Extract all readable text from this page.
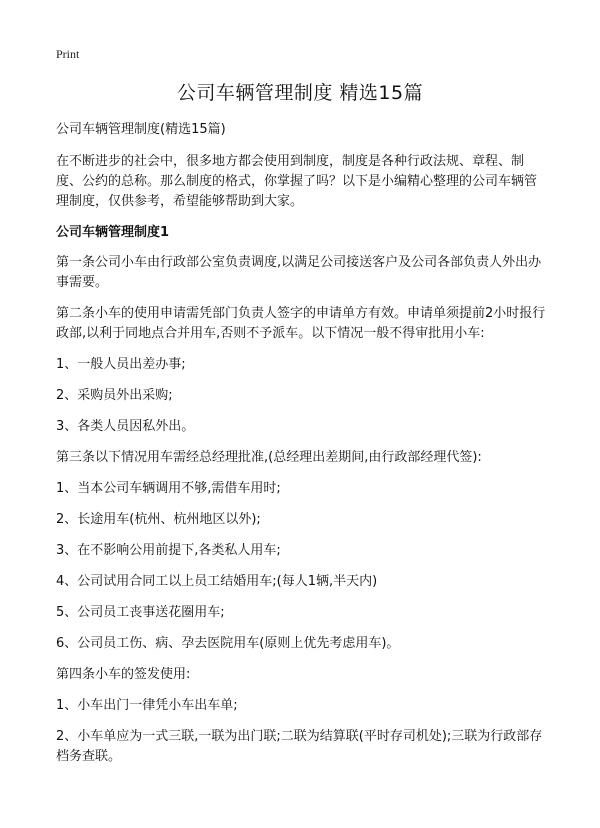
Print
公司车辆管理制度 精选15篇

公司车辆管理制度(精选15篇)

在不断进步的社会中，很多地方都会使用到制度，制度是各种行政法规、章程、制度、公约的总称。那么制度的格式，你掌握了吗？以下是小编精心整理的公司车辆管理制度，仅供参考，希望能够帮助到大家。

公司车辆管理制度1

第一条公司小车由行政部公室负责调度,以满足公司接送客户及公司各部负责人外出办事需要。

第二条小车的使用申请需凭部门负责人签字的申请单方有效。申请单须提前2小时报行政部,以利于同地点合并用车,否则不予派车。以下情况一般不得审批用小车:

1、一般人员出差办事;

2、采购员外出采购;

3、各类人员因私外出。

第三条以下情况用车需经总经理批准,(总经理出差期间,由行政部经理代签):

1、当本公司车辆调用不够,需借车用时;

2、长途用车(杭州、杭州地区以外);

3、在不影响公用前提下,各类私人用车;

4、公司试用合同工以上员工结婚用车;(每人1辆,半天内)

5、公司员工丧事送花圈用车;

6、公司员工伤、病、孕去医院用车(原则上优先考虑用车)。

第四条小车的签发使用:

1、小车出门一律凭小车出车单;

2、小车单应为一式三联,一联为出门联;二联为结算联(平时存司机处);三联为行政部存档务查联。
